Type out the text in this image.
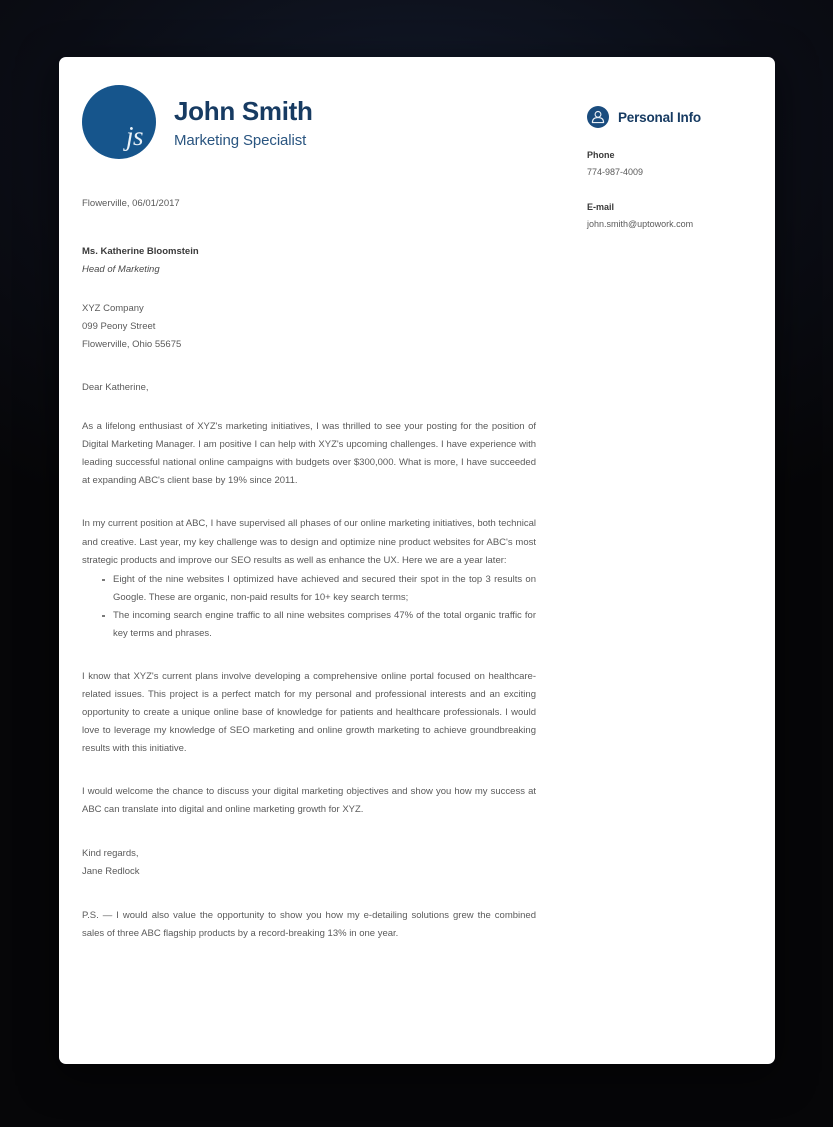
js
John Smith
Marketing Specialist
Flowerville, 06/01/2017
Ms. Katherine Bloomstein
Head of Marketing
XYZ Company
099 Peony Street
Flowerville, Ohio 55675
Dear Katherine,

As a lifelong enthusiast of XYZ's marketing initiatives, I was thrilled to see your posting for the position of Digital Marketing Manager. I am positive I can help with XYZ's upcoming challenges. I have experience with leading successful national online campaigns with budgets over $300,000. What is more, I have succeeded at expanding ABC's client base by 19% since 2011.

In my current position at ABC, I have supervised all phases of our online marketing initiatives, both technical and creative. Last year, my key challenge was to design and optimize nine product websites for ABC's most strategic products and improve our SEO results as well as enhance the UX. Here we are a year later:

Eight of the nine websites I optimized have achieved and secured their spot in the top 3 results on Google. These are organic, non-paid results for 10+ key search terms;
The incoming search engine traffic to all nine websites comprises 47% of the total organic traffic for key terms and phrases.

I know that XYZ's current plans involve developing a comprehensive online portal focused on healthcare-related issues. This project is a perfect match for my personal and professional interests and an exciting opportunity to create a unique online base of knowledge for patients and healthcare professionals. I would love to leverage my knowledge of SEO marketing and online growth marketing to achieve groundbreaking results with this initiative.

I would welcome the chance to discuss your digital marketing objectives and show you how my success at ABC can translate into digital and online marketing growth for XYZ.

Kind regards,
Jane Redlock

P.S. — I would also value the opportunity to show you how my e-detailing solutions grew the combined sales of three ABC flagship products by a record-breaking 13% in one year.

Personal Info
Phone
774-987-4009
E-mail
john.smith@uptowork.com
